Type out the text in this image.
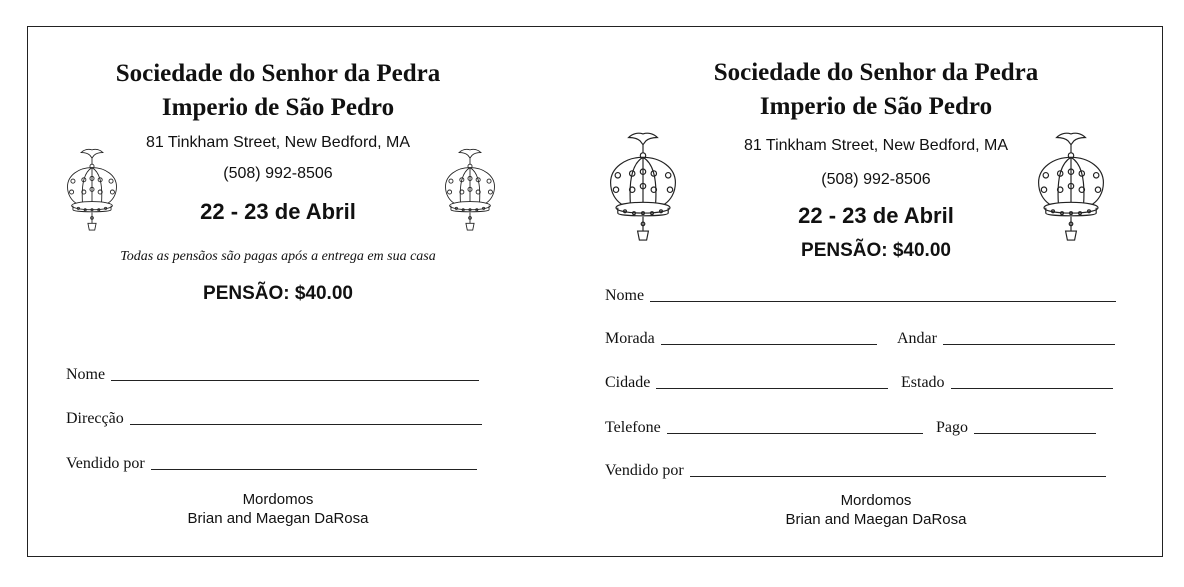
Sociedade do Senhor da Pedra
Imperio de São Pedro
81 Tinkham Street, New Bedford, MA
(508) 992-8506
22 - 23 de Abril
Todas as pensãos são pagas após a entrega em sua casa
PENSÃO: $40.00
Nome
Direcção
Vendido por
Mordomos
Brian and Maegan DaRosa
Sociedade do Senhor da Pedra
Imperio de São Pedro
81 Tinkham Street, New Bedford, MA
(508) 992-8506
22 - 23 de Abril
PENSÃO: $40.00
Nome
Morada	Andar
Cidade	Estado
Telefone	Pago
Vendido por
Mordomos
Brian and Maegan DaRosa
